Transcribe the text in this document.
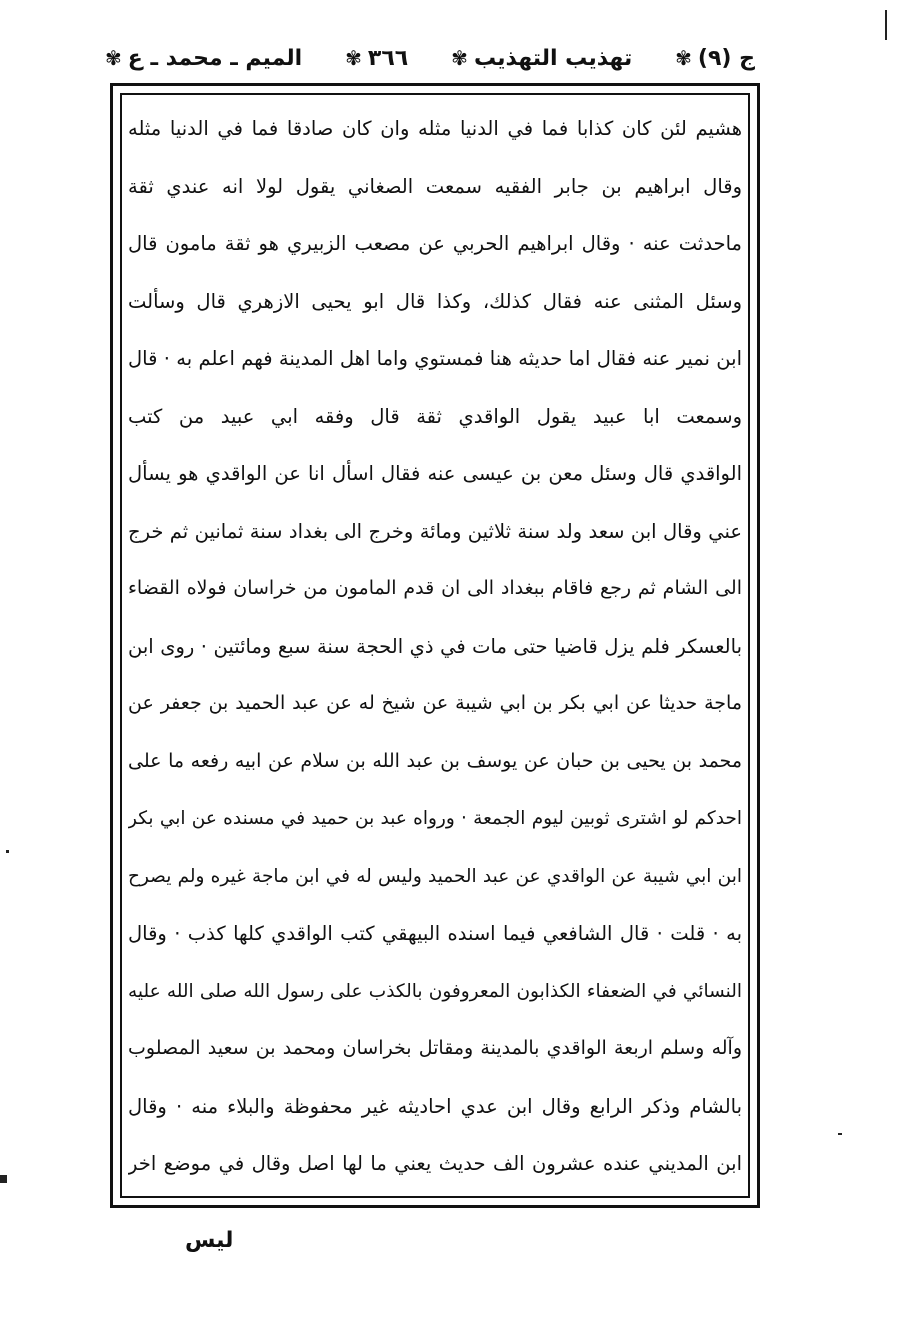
ج (٩)
✾
تهذيب التهذيب
✾
٣٦٦
✾
الميم ـ محمد ـ ع
✾
هشيم لئن كان كذابا فما في الدنيا مثله وان كان صادقا فما في الدنيا مثله
وقال ابراهيم بن جابر الفقيه سمعت الصغاني يقول لولا انه عندي ثقة
ماحدثت عنه · وقال ابراهيم الحربي عن مصعب الزبيري هو ثقة مامون قال
وسئل المثنى عنه فقال كذلك، وكذا قال ابو يحيى الازهري قال وسألت
ابن نمير عنه فقال اما حديثه هنا فمستوي واما اهل المدينة فهم اعلم به · قال
وسمعت ابا عبيد يقول الواقدي ثقة قال وفقه ابي عبيد من كتب
الواقدي قال وسئل معن بن عيسى عنه فقال اسأل انا عن الواقدي هو يسأل
عني وقال ابن سعد ولد سنة ثلاثين ومائة وخرج الى بغداد سنة ثمانين ثم خرج
الى الشام ثم رجع فاقام ببغداد الى ان قدم المامون من خراسان فولاه القضاء
بالعسكر فلم يزل قاضيا حتى مات في ذي الحجة سنة سبع ومائتين · روى ابن
ماجة حديثا عن ابي بكر بن ابي شيبة عن شيخ له عن عبد الحميد بن جعفر عن
محمد بن يحيى بن حبان عن يوسف بن عبد الله بن سلام عن ابيه رفعه ما على
احدكم لو اشترى ثوبين ليوم الجمعة · ورواه عبد بن حميد في مسنده عن ابي بكر
ابن ابي شيبة عن الواقدي عن عبد الحميد وليس له في ابن ماجة غيره ولم يصرح
به · قلت · قال الشافعي فيما اسنده البيهقي كتب الواقدي كلها كذب · وقال
النسائي في الضعفاء الكذابون المعروفون بالكذب على رسول الله صلى الله عليه
وآله وسلم اربعة الواقدي بالمدينة ومقاتل بخراسان ومحمد بن سعيد المصلوب
بالشام وذكر الرابع وقال ابن عدي احاديثه غير محفوظة والبلاء منه · وقال
ابن المديني عنده عشرون الف حديث يعني ما لها اصل وقال في موضع اخر
ليس
